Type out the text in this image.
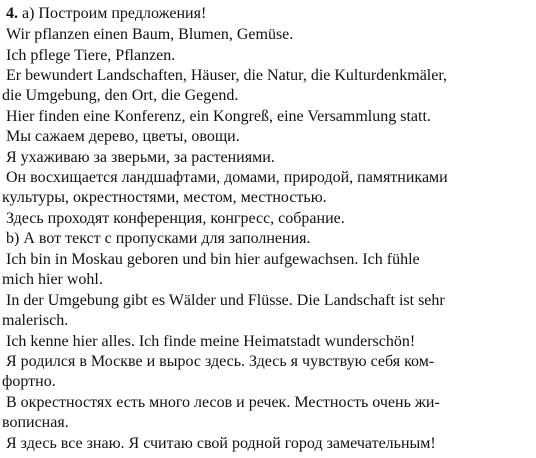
4. а) Построим предложения!
Wir pflanzen einen Baum, Blumen, Gemüse.
Ich pflege Tiere, Pflanzen.
Er bewundert Landschaften, Häuser, die Natur, die Kulturdenkmäler,
die Umgebung, den Ort, die Gegend.
Hier finden eine Konferenz, ein Kongreß, eine Versammlung statt.
Мы сажаем дерево, цветы, овощи.
Я ухаживаю за зверьми, за растениями.
Он восхищается ландшафтами, домами, природой, памятниками
культуры, окрестностями, местом, местностью.
Здесь проходят конференция, конгресс, собрание.
b) А вот текст с пропусками для заполнения.
Ich bin in Moskau geboren und bin hier aufgewachsen. Ich fühle
mich hier wohl.
In der Umgebung gibt es Wälder und Flüsse. Die Landschaft ist sehr
malerisch.
Ich kenne hier alles. Ich finde meine Heimatstadt wunderschön!
Я родился в Москве и вырос здесь. Здесь я чувствую себя ком-
фортно.
В окрестностях есть много лесов и речек. Местность очень жи-
вописная.
Я здесь все знаю. Я считаю свой родной город замечательным!
